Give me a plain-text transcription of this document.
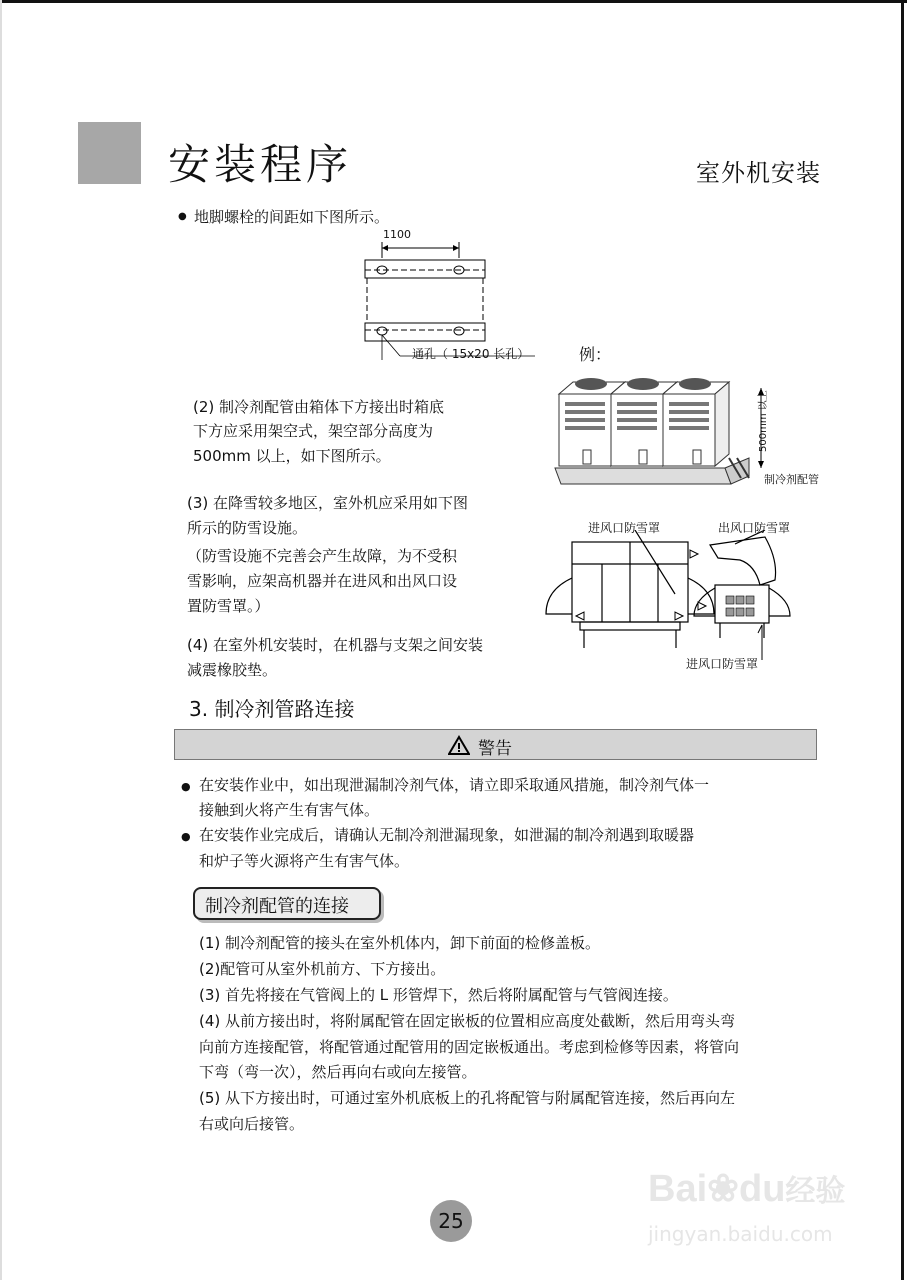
安装程序	室外机安装
● 地脚螺栓的间距如下图所示。
1100
通孔（ 15x20 长孔）	例：
(2) 制冷剂配管由箱体下方接出时箱底
下方应采用架空式，架空部分高度为
500mm 以上，如下图所示。
500mm 以上
制冷剂配管
(3) 在降雪较多地区，室外机应采用如下图
所示的防雪设施。
（防雪设施不完善会产生故障，为不受积
雪影响，应架高机器并在进风和出风口设
置防雪罩。）
进风口防雪罩	出风口防雪罩
进风口防雪罩
(4) 在室外机安装时，在机器与支架之间安装
减震橡胶垫。
3. 制冷剂管路连接
警告
● 在安装作业中，如出现泄漏制冷剂气体，请立即采取通风措施，制冷剂气体一
接触到火将产生有害气体。
● 在安装作业完成后，请确认无制冷剂泄漏现象，如泄漏的制冷剂遇到取暖器
和炉子等火源将产生有害气体。
制冷剂配管的连接
(1) 制冷剂配管的接头在室外机体内，卸下前面的检修盖板。
(2)配管可从室外机前方、下方接出。
(3) 首先将接在气管阀上的 L 形管焊下，然后将附属配管与气管阀连接。
(4) 从前方接出时，将附属配管在固定嵌板的位置相应高度处截断，然后用弯头弯
向前方连接配管，将配管通过配管用的固定嵌板通出。考虑到检修等因素，将管向
下弯（弯一次），然后再向右或向左接管。
(5) 从下方接出时，可通过室外机底板上的孔将配管与附属配管连接，然后再向左
右或向后接管。
Bai❀du经验
jingyan.baidu.com
25
